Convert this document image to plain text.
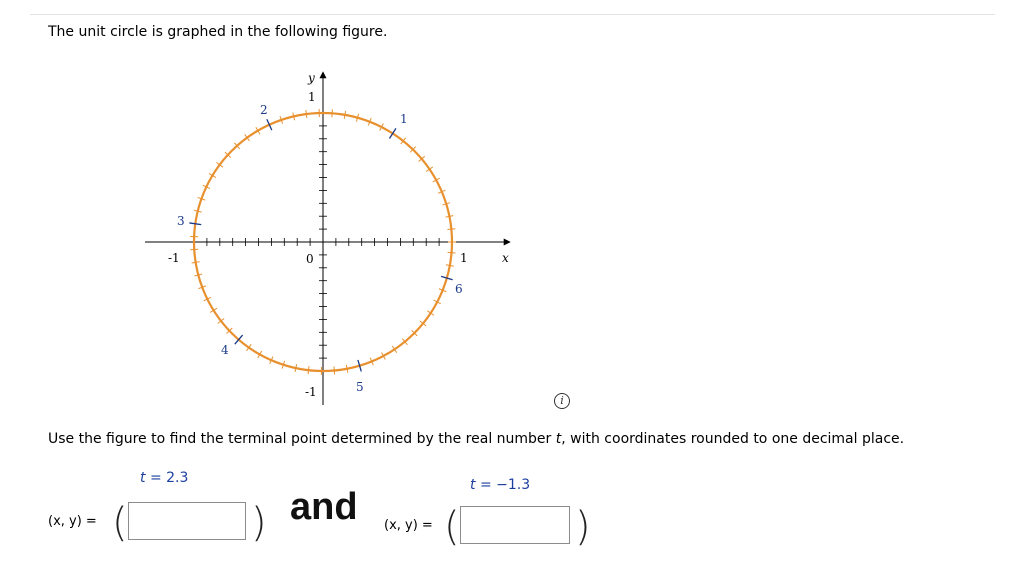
The unit circle is graphed in the following figure.
y
1
-1
-1	1
0	x
1
2
3
4
5
6
i
Use the figure to find the terminal point determined by the real number t, with coordinates rounded to one decimal place.
t = 2.3
(x, y) = (	) and
t = −1.3
(x, y) = (	)
